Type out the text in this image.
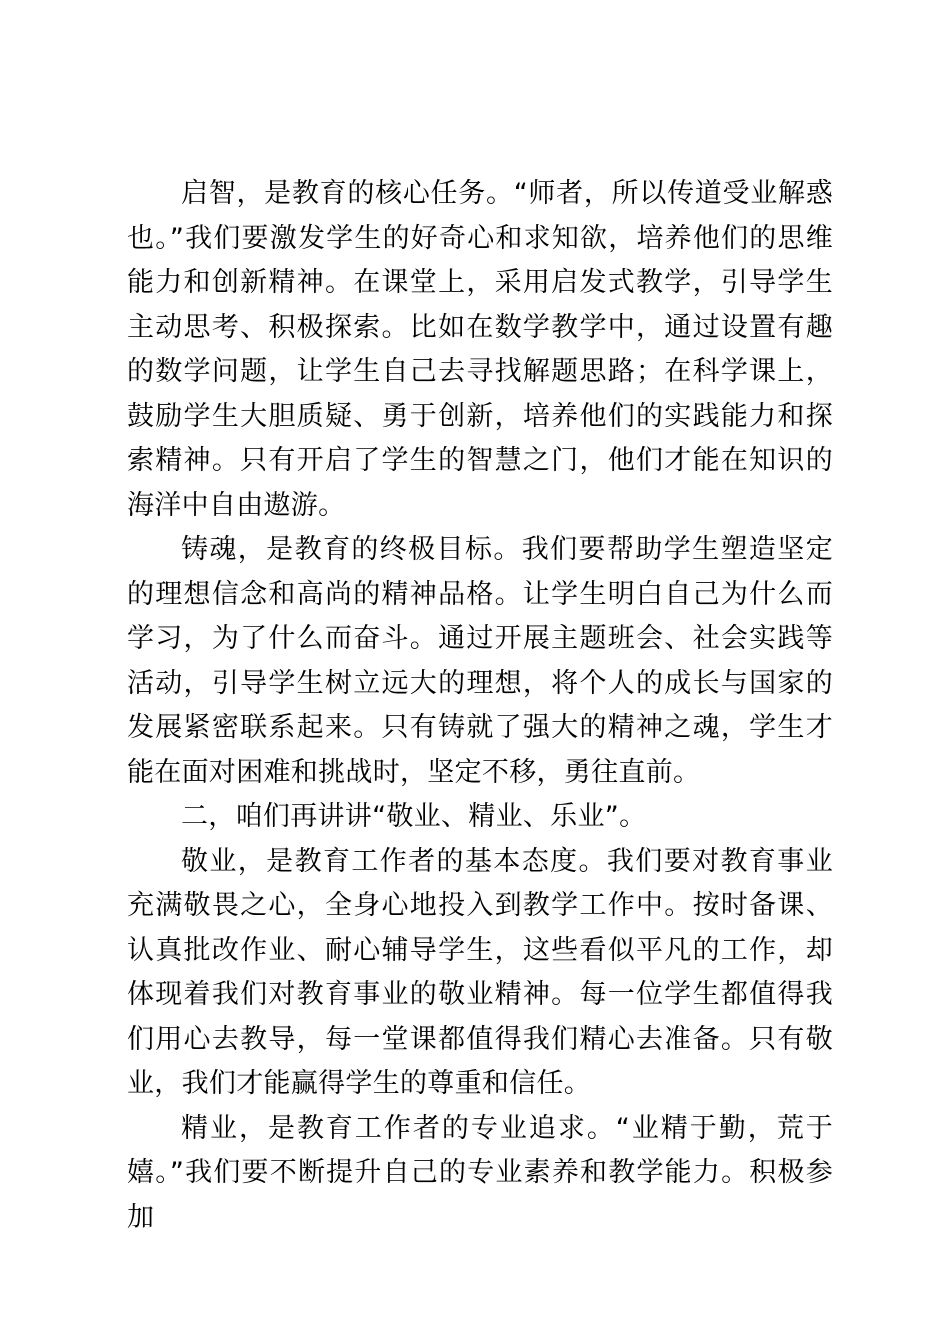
启智，是教育的核心任务。“师者，所以传道受业解惑也。”我们要激发学生的好奇心和求知欲，培养他们的思维能力和创新精神。在课堂上，采用启发式教学，引导学生主动思考、积极探索。比如在数学教学中，通过设置有趣的数学问题，让学生自己去寻找解题思路；在科学课上，鼓励学生大胆质疑、勇于创新，培养他们的实践能力和探索精神。只有开启了学生的智慧之门，他们才能在知识的海洋中自由遨游。

铸魂，是教育的终极目标。我们要帮助学生塑造坚定的理想信念和高尚的精神品格。让学生明白自己为什么而学习，为了什么而奋斗。通过开展主题班会、社会实践等活动，引导学生树立远大的理想，将个人的成长与国家的发展紧密联系起来。只有铸就了强大的精神之魂，学生才能在面对困难和挑战时，坚定不移，勇往直前。

二，咱们再讲讲“敬业、精业、乐业”。

敬业，是教育工作者的基本态度。我们要对教育事业充满敬畏之心，全身心地投入到教学工作中。按时备课、认真批改作业、耐心辅导学生，这些看似平凡的工作，却体现着我们对教育事业的敬业精神。每一位学生都值得我们用心去教导，每一堂课都值得我们精心去准备。只有敬业，我们才能赢得学生的尊重和信任。

精业，是教育工作者的专业追求。“业精于勤，荒于嬉。”我们要不断提升自己的专业素养和教学能力。积极参加
